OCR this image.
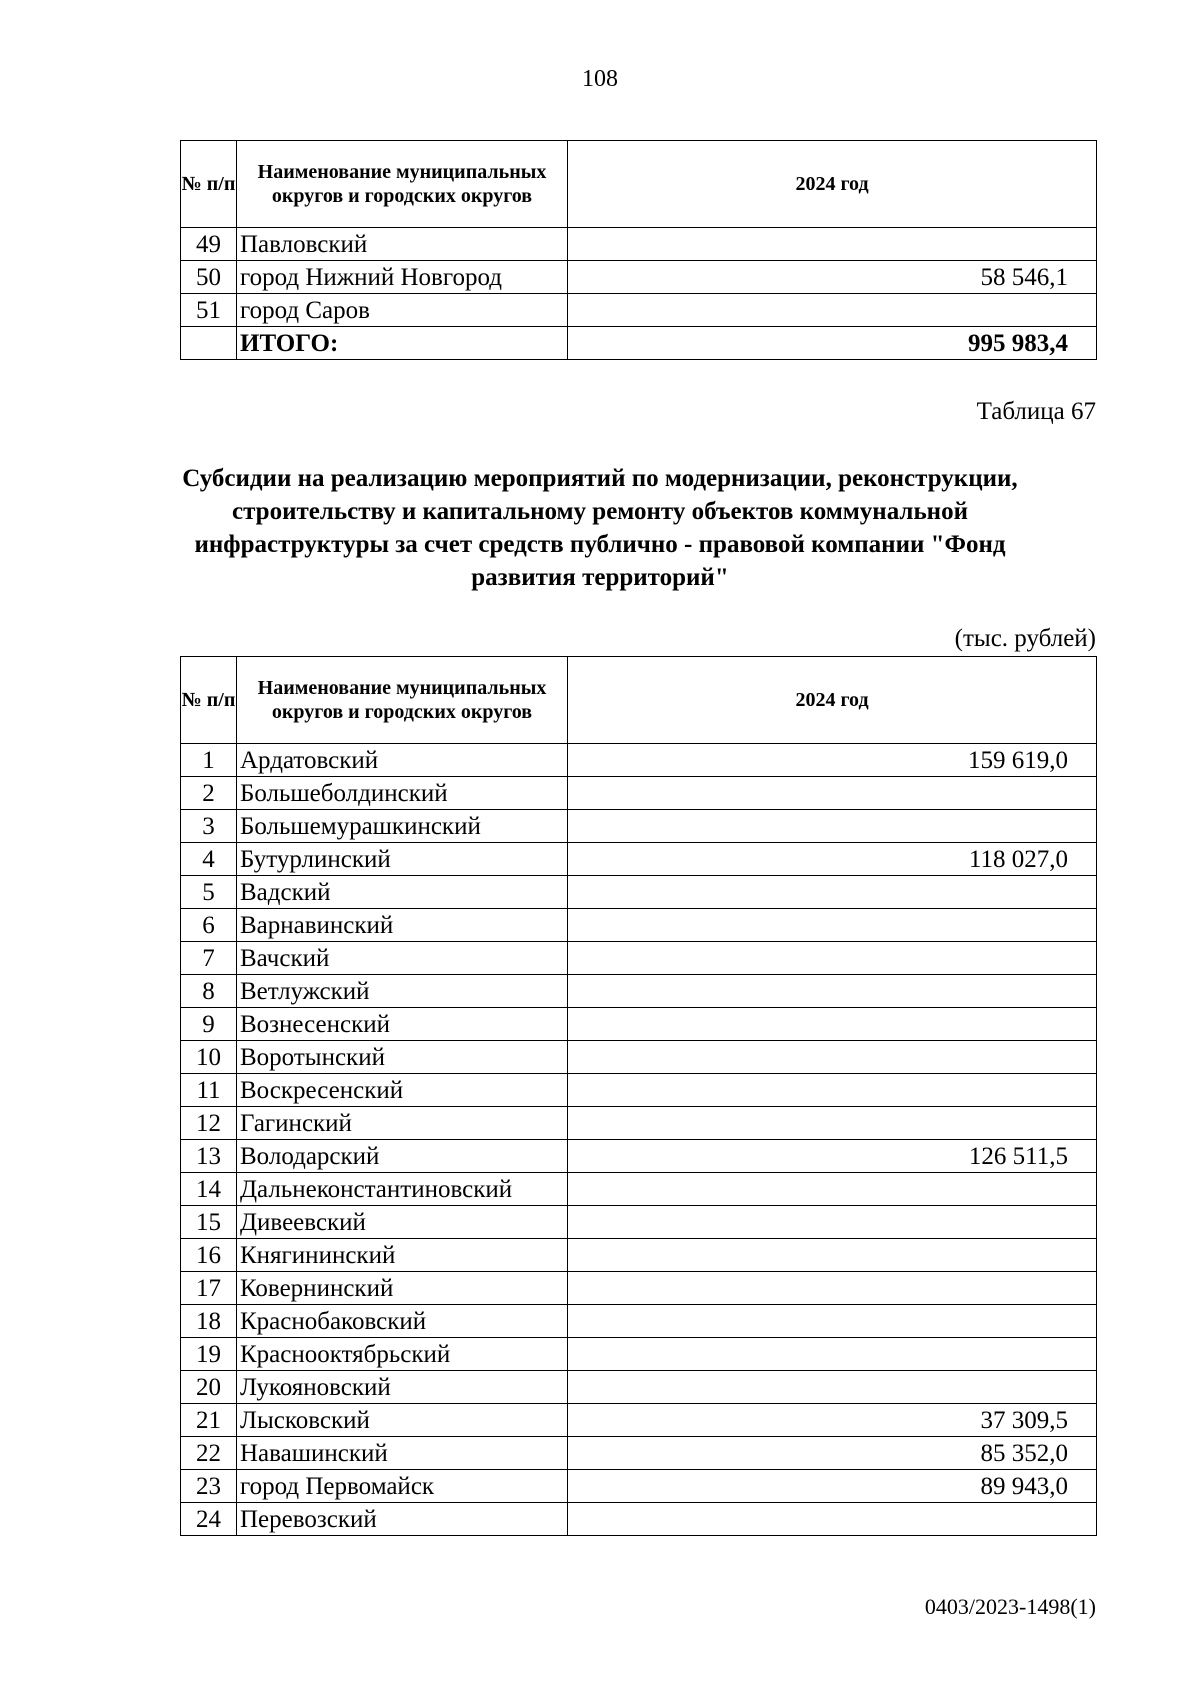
108
№ п/п	Наименование муниципальных округов и городских округов	2024 год
49	Павловский	
50	город Нижний Новгород	58 546,1
51	город Саров	
	ИТОГО:	995 983,4
Таблица 67
Субсидии на реализацию мероприятий по модернизации, реконструкции, строительству и капитальному ремонту объектов коммунальной инфраструктуры за счет средств публично - правовой компании "Фонд развития территорий"
(тыс. рублей)
№ п/п	Наименование муниципальных округов и городских округов	2024 год
1	Ардатовский	159 619,0
2	Большеболдинский	
3	Большемурашкинский	
4	Бутурлинский	118 027,0
5	Вадский	
6	Варнавинский	
7	Вачский	
8	Ветлужский	
9	Вознесенский	
10	Воротынский	
11	Воскресенский	
12	Гагинский	
13	Володарский	126 511,5
14	Дальнеконстантиновский	
15	Дивеевский	
16	Княгининский	
17	Ковернинский	
18	Краснобаковский	
19	Краснооктябрьский	
20	Лукояновский	
21	Лысковский	37 309,5
22	Навашинский	85 352,0
23	город Первомайск	89 943,0
24	Перевозский	
0403/2023-1498(1)
